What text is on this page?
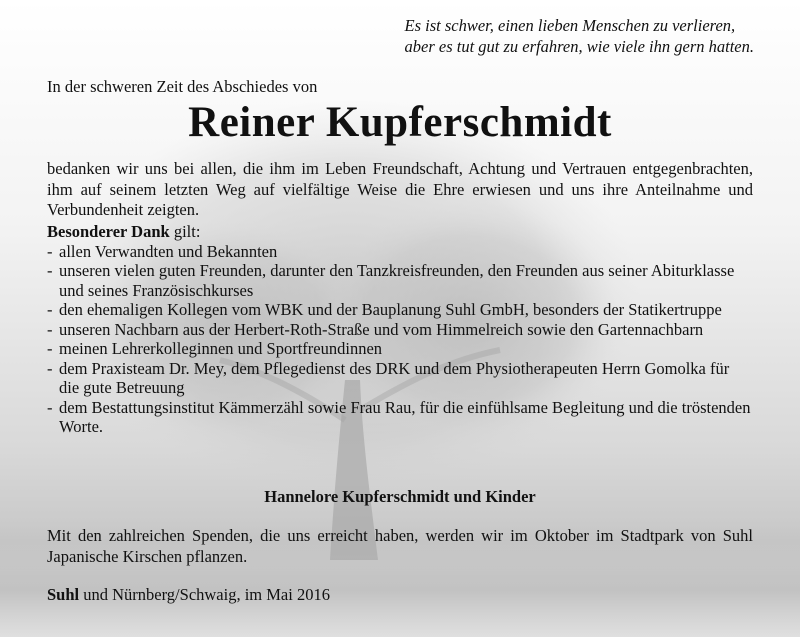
Es ist schwer, einen lieben Menschen zu verlieren,
aber es tut gut zu erfahren, wie viele ihn gern hatten.
In der schweren Zeit des Abschiedes von
Reiner Kupferschmidt
bedanken wir uns bei allen, die ihm im Leben Freundschaft, Achtung und Vertrauen entgegenbrachten, ihm auf seinem letzten Weg auf vielfältige Weise die Ehre erwiesen und uns ihre Anteilnahme und Verbundenheit zeigten.
Besonderer Dank gilt:
- allen Verwandten und Bekannten
- unseren vielen guten Freunden, darunter den Tanzkreisfreunden, den Freunden aus seiner Abiturklasse und seines Französischkurses
- den ehemaligen Kollegen vom WBK und der Bauplanung Suhl GmbH, besonders der Statikertruppe
- unseren Nachbarn aus der Herbert-Roth-Straße und vom Himmelreich sowie den Gartennachbarn
- meinen Lehrerkolleginnen und Sportfreundinnen
- dem Praxisteam Dr. Mey, dem Pflegedienst des DRK und dem Physiotherapeuten Herrn Gomolka für die gute Betreuung
- dem Bestattungsinstitut Kämmerzähl sowie Frau Rau, für die einfühlsame Begleitung und die tröstenden Worte.
Hannelore Kupferschmidt und Kinder
Mit den zahlreichen Spenden, die uns erreicht haben, werden wir im Oktober im Stadtpark von Suhl Japanische Kirschen pflanzen.
Suhl und Nürnberg/Schwaig, im Mai 2016
